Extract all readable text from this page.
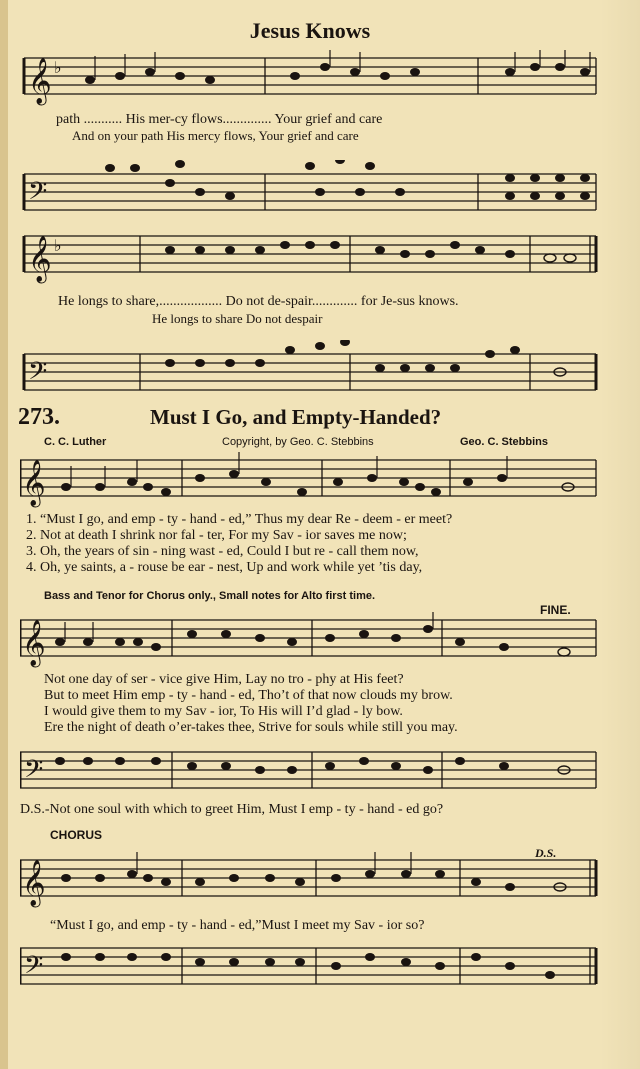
Jesus Knows
𝄞 ♭
path ........... His mer-cy flows.............. Your grief and care
And on your path His mercy flows, Your grief and care
𝄢
𝄞 ♭
He longs to share,.................. Do not de-spair............. for Je-sus knows.
He longs to share Do not despair
𝄢
273.	Must I Go, and Empty-Handed?
C. C. Luther	Copyright, by Geo. C. Stebbins	Geo. C. Stebbins
𝄞
1. “Must I go, and emp - ty - hand - ed,” Thus my dear Re - deem - er meet?
2. Not at death I shrink nor fal - ter, For my Sav - ior saves me now;
3. Oh, the years of sin - ning wast - ed, Could I but re - call them now,
4. Oh, ye saints, a - rouse be ear - nest, Up and work while yet ’tis day,
Bass and Tenor for Chorus only., Small notes for Alto first time.
FINE.
𝄞
Not one day of ser - vice give Him, Lay no tro - phy at His feet?
But to meet Him emp - ty - hand - ed, Tho’t of that now clouds my brow.
I would give them to my Sav - ior, To His will I’d glad - ly bow.
Ere the night of death o’er-takes thee, Strive for souls while still you may.
𝄢
D.S.-Not one soul with which to greet Him, Must I emp - ty - hand - ed go?
CHORUS
D.S.
𝄞
“Must I go, and emp - ty - hand - ed,”Must I meet my Sav - ior so?
𝄢
